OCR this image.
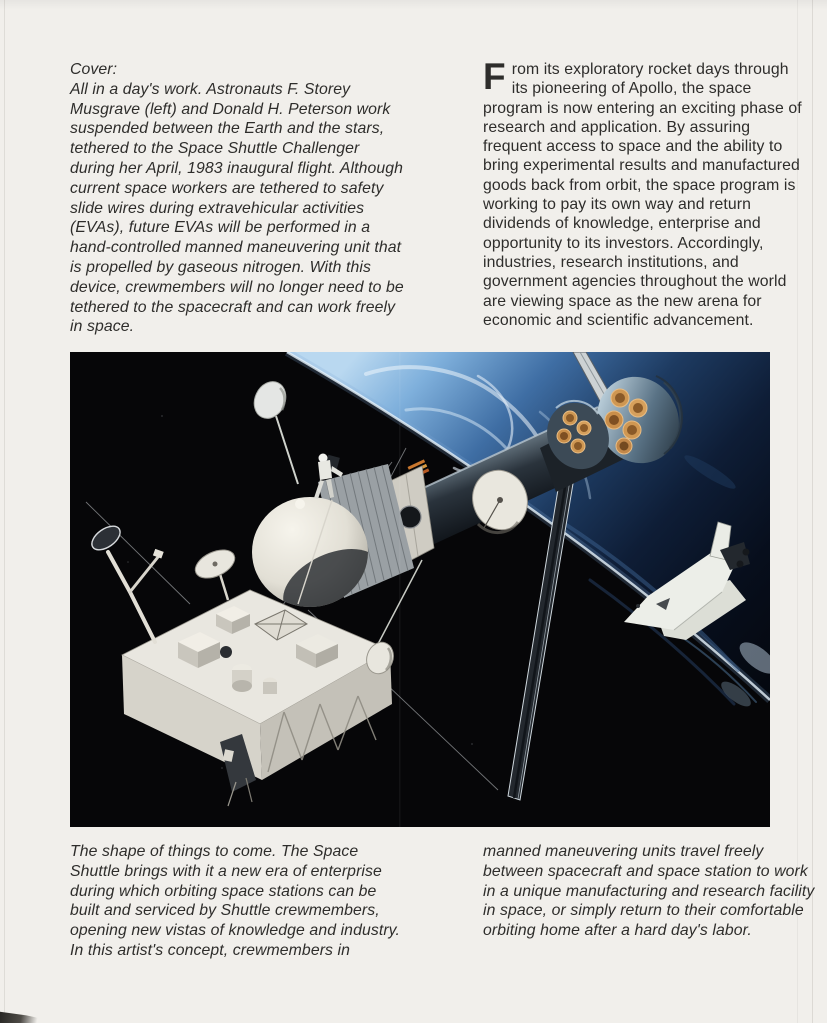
Cover:
All in a day's work. Astronauts F. Storey Musgrave (left) and Donald H. Peterson work suspended between the Earth and the stars, tethered to the Space Shuttle Challenger during her April, 1983 inaugural flight. Although current space workers are tethered to safety slide wires during extravehicular activities (EVAs), future EVAs will be performed in a hand-controlled manned maneuvering unit that is propelled by gaseous nitrogen. With this device, crewmembers will no longer need to be tethered to the spacecraft and can work freely in space.
From its exploratory rocket days through its pioneering of Apollo, the space program is now entering an exciting phase of research and application. By assuring frequent access to space and the ability to bring experimental results and manufactured goods back from orbit, the space program is working to pay its own way and return dividends of knowledge, enterprise and opportunity to its investors. Accordingly, industries, research institutions, and government agencies throughout the world are viewing space as the new arena for economic and scientific advancement.
The shape of things to come. The Space Shuttle brings with it a new era of enterprise during which orbiting space stations can be built and serviced by Shuttle crewmembers, opening new vistas of knowledge and industry. In this artist's concept, crewmembers in
manned maneuvering units travel freely between spacecraft and space station to work in a unique manufacturing and research facility in space, or simply return to their comfortable orbiting home after a hard day's labor.
